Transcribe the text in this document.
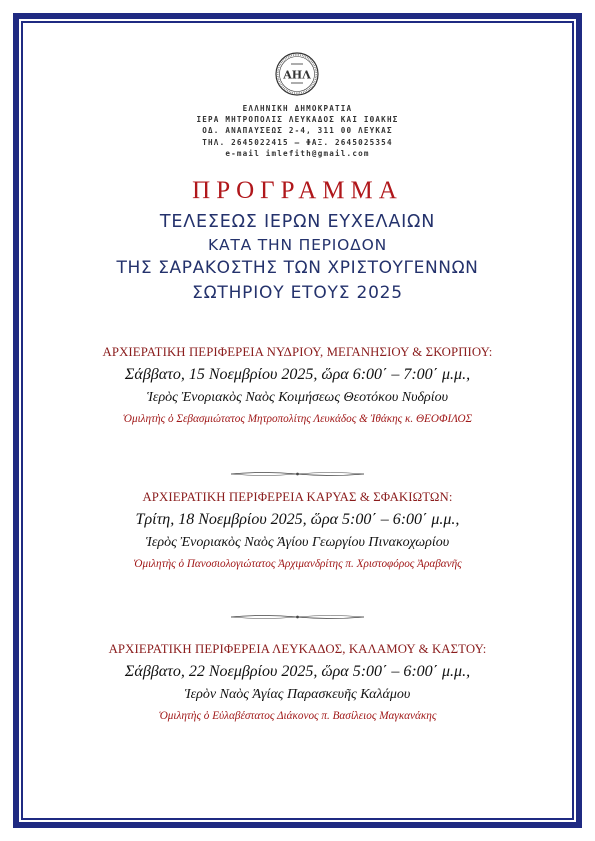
ΑΗΛ
ΕΛΛΗΝΙΚΗ ΔΗΜΟΚΡΑΤΙΑ
ΙΕΡΑ ΜΗΤΡΟΠΟΛΙΣ ΛΕΥΚΑΔΟΣ ΚΑΙ ΙΘΑΚΗΣ
ΟΔ. ΑΝΑΠΑΥΣΕΩΣ 2-4, 311 00 ΛΕΥΚΑΣ
ΤΗΛ. 2645022415 – ΦΑΞ. 2645025354
e-mail imlefith@gmail.com
ΠΡΟΓΡΑΜΜΑ
ΤΕΛΕΣΕΩΣ ΙΕΡΩΝ ΕΥΧΕΛΑΙΩΝ
ΚΑΤΑ ΤΗΝ ΠΕΡΙΟΔΟΝ
ΤΗΣ ΣΑΡΑΚΟΣΤΗΣ ΤΩΝ ΧΡΙΣΤΟΥΓΕΝΝΩΝ
ΣΩΤΗΡΙΟΥ ΕΤΟΥΣ 2025
ΑΡΧΙΕΡΑΤΙΚΗ ΠΕΡΙΦΕΡΕΙΑ ΝΥΔΡΙΟΥ, ΜΕΓΑΝΗΣΙΟΥ & ΣΚΟΡΠΙΟΥ:
Σάββατο, 15 Νοεμβρίου 2025, ὥρα 6:00΄ – 7:00΄ μ.μ.,
Ἱερὸς Ἐνοριακὸς Ναὸς Κοιμήσεως Θεοτόκου Νυδρίου
Ὁμιλητὴς ὁ Σεβασμιώτατος Μητροπολίτης Λευκάδος & Ἰθάκης κ. ΘΕΟΦΙΛΟΣ
ΑΡΧΙΕΡΑΤΙΚΗ ΠΕΡΙΦΕΡΕΙΑ ΚΑΡΥΑΣ & ΣΦΑΚΙΩΤΩΝ:
Τρίτη, 18 Νοεμβρίου 2025, ὥρα 5:00΄ – 6:00΄ μ.μ.,
Ἱερὸς Ἐνοριακὸς Ναὸς Ἁγίου Γεωργίου Πινακοχωρίου
Ὁμιλητὴς ὁ Πανοσιολογιώτατος Ἀρχιμανδρίτης π. Χριστοφόρος Ἀραβανῆς
ΑΡΧΙΕΡΑΤΙΚΗ ΠΕΡΙΦΕΡΕΙΑ ΛΕΥΚΑΔΟΣ, ΚΑΛΑΜΟΥ & ΚΑΣΤΟΥ:
Σάββατο, 22 Νοεμβρίου 2025, ὥρα 5:00΄ – 6:00΄ μ.μ.,
Ἱερὸν Ναὸς Ἁγίας Παρασκευῆς Καλάμου
Ὁμιλητὴς ὁ Εὐλαβέστατος Διάκονος π. Βασίλειος Μαγκανάκης
